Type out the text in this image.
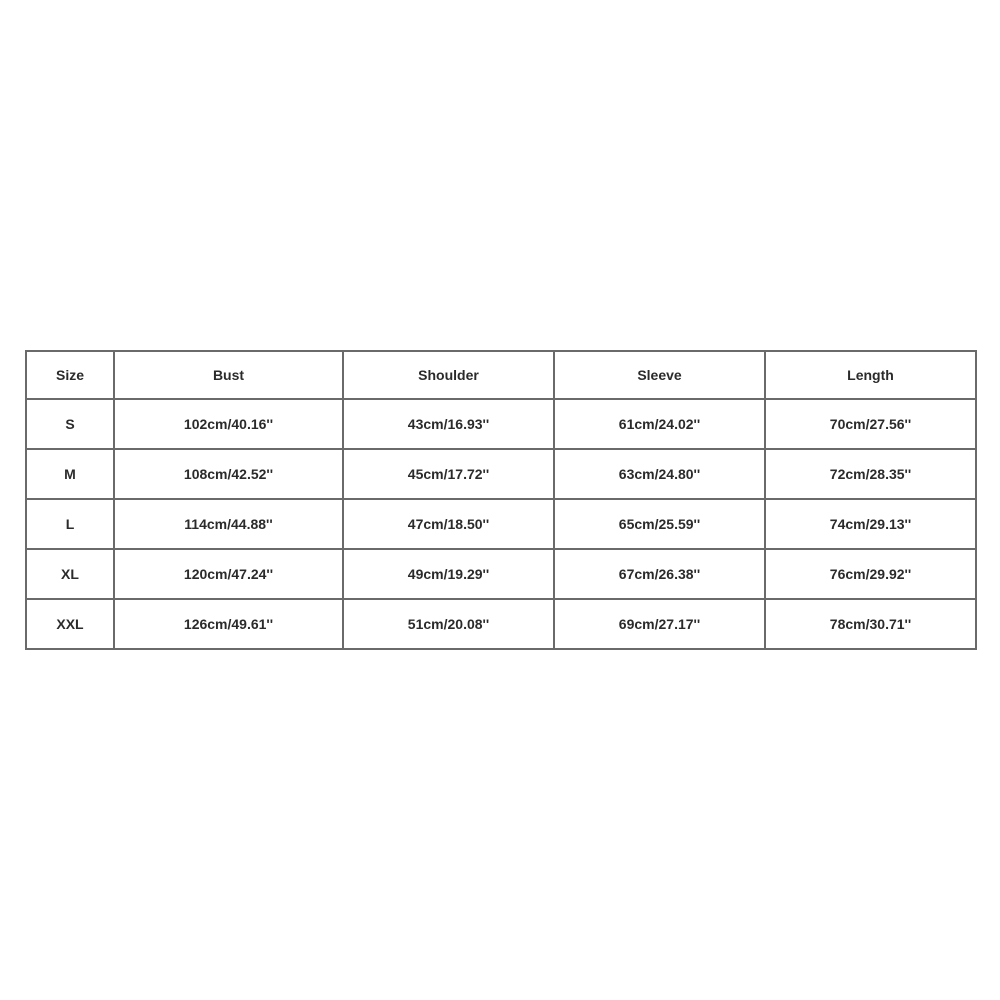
Size	Bust	Shoulder	Sleeve	Length
S	102cm/40.16''	43cm/16.93''	61cm/24.02''	70cm/27.56''
M	108cm/42.52''	45cm/17.72''	63cm/24.80''	72cm/28.35''
L	114cm/44.88''	47cm/18.50''	65cm/25.59''	74cm/29.13''
XL	120cm/47.24''	49cm/19.29''	67cm/26.38''	76cm/29.92''
XXL	126cm/49.61''	51cm/20.08''	69cm/27.17''	78cm/30.71''
